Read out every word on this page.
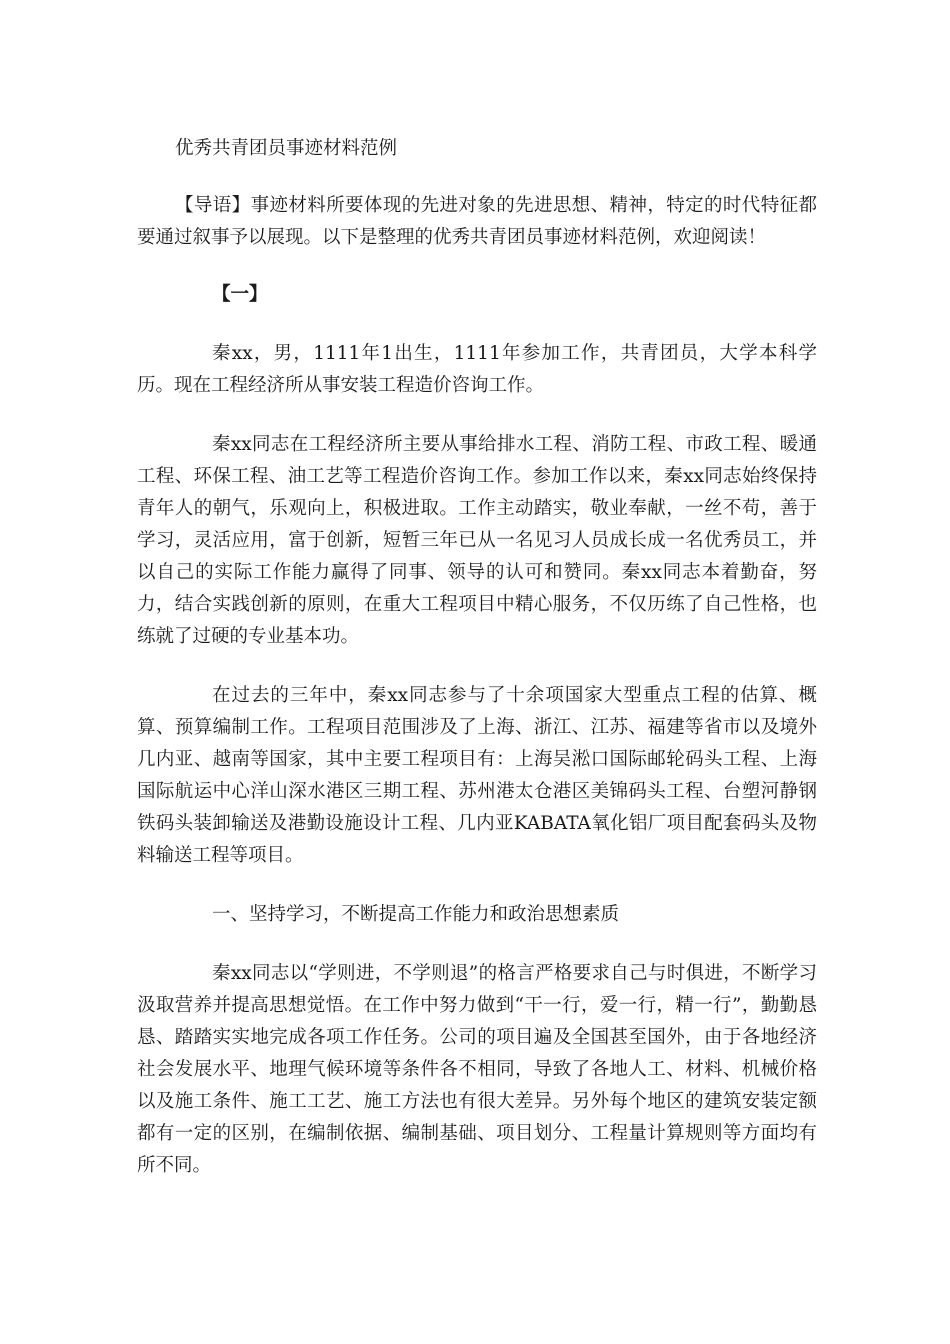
优秀共青团员事迹材料范例

【导语】事迹材料所要体现的先进对象的先进思想、精神，特定的时代特征都要通过叙事予以展现。以下是整理的优秀共青团员事迹材料范例，欢迎阅读！

【一】

秦xx，男，1111年1出生，1111年参加工作，共青团员，大学本科学历。现在工程经济所从事安装工程造价咨询工作。

秦xx同志在工程经济所主要从事给排水工程、消防工程、市政工程、暖通工程、环保工程、油工艺等工程造价咨询工作。参加工作以来，秦xx同志始终保持青年人的朝气，乐观向上，积极进取。工作主动踏实，敬业奉献，一丝不苟，善于学习，灵活应用，富于创新，短暂三年已从一名见习人员成长成一名优秀员工，并以自己的实际工作能力赢得了同事、领导的认可和赞同。秦xx同志本着勤奋，努力，结合实践创新的原则，在重大工程项目中精心服务，不仅历练了自己性格，也练就了过硬的专业基本功。

在过去的三年中，秦xx同志参与了十余项国家大型重点工程的估算、概算、预算编制工作。工程项目范围涉及了上海、浙江、江苏、福建等省市以及境外几内亚、越南等国家，其中主要工程项目有：上海吴淞口国际邮轮码头工程、上海国际航运中心洋山深水港区三期工程、苏州港太仓港区美锦码头工程、台塑河静钢铁码头装卸输送及港勤设施设计工程、几内亚KABATA氧化铝厂项目配套码头及物料输送工程等项目。

一、坚持学习，不断提高工作能力和政治思想素质

秦xx同志以“学则进，不学则退”的格言严格要求自己与时俱进，不断学习汲取营养并提高思想觉悟。在工作中努力做到“干一行，爱一行，精一行”，勤勤恳恳、踏踏实实地完成各项工作任务。公司的项目遍及全国甚至国外，由于各地经济社会发展水平、地理气候环境等条件各不相同，导致了各地人工、材料、机械价格以及施工条件、施工工艺、施工方法也有很大差异。另外每个地区的建筑安装定额都有一定的区别，在编制依据、编制基础、项目划分、工程量计算规则等方面均有所不同。
